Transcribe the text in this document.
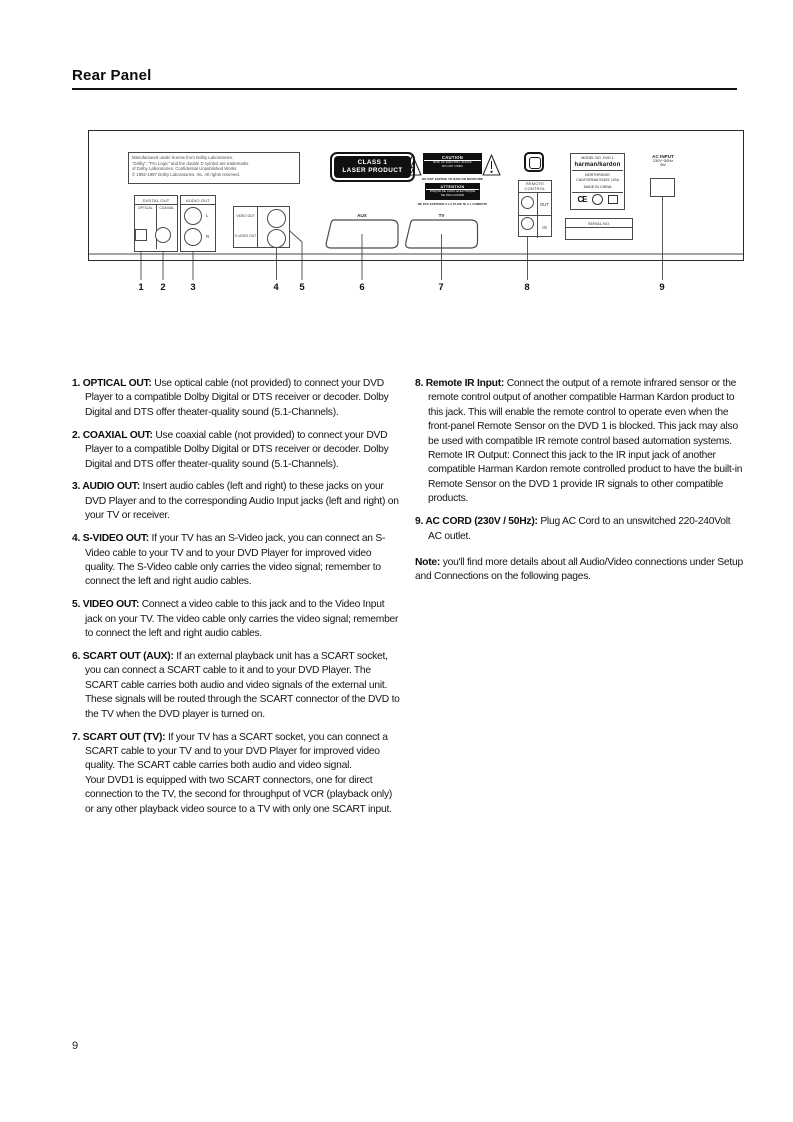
Rear Panel
Manufactured under license from Dolby Laboratories.
"Dolby", "Pro Logic" and the double D symbol are trademarks
of Dolby Laboratories. Confidential Unpublished Works.
© 1992-1997 Dolby Laboratories, Inc. All rights reserved.
DIGITAL OUT
OPTICAL	COAXIAL
AUDIO OUT
L
R
VIDEO OUT
S-VIDEO OUT
CLASS 1
LASER PRODUCT
CAUTION
RISK OF ELECTRIC SHOCK
DO NOT OPEN
DO NOT EXPOSE TO RAIN OR MOISTURE
ATTENTION
RISQUE DE CHOC ELECTRIQUE
NE PAS OUVRIR
NE PAS EXPOSER A LA PLUIE NI A L'HUMIDITE
AUX	TV
REMOTE
CONTROL
OUT
IN
MODEL NO. DVD 1
harman/kardon
NORTHRIDGE
CALIFORNIA 91329, USA
MADE IN CHINA
CE
SERIAL NO.
AC INPUT
230V~50Hz
9W
1 2	3	4 5	6	7	8	9
1. OPTICAL OUT: Use optical cable (not provided) to connect your DVD Player to a compatible Dolby Digital or DTS receiver or decoder. Dolby Digital and DTS offer theater-quality sound (5.1-Channels).
2. COAXIAL OUT: Use coaxial cable (not provided) to connect your DVD Player to a compatible Dolby Digital or DTS receiver or decoder. Dolby Digital and DTS offer theater-quality sound (5.1-Channels).
3. AUDIO OUT: Insert audio cables (left and right) to these jacks on your DVD Player and to the corresponding Audio Input jacks (left and right) on your TV or receiver.
4. S-VIDEO OUT: If your TV has an S-Video jack, you can connect an S-Video cable to your TV and to your DVD Player for improved video quality. The S-Video cable only carries the video signal; remember to connect the left and right audio cables.
5. VIDEO OUT: Connect a video cable to this jack and to the Video Input jack on your TV. The video cable only carries the video signal; remember to connect the left and right audio cables.
6. SCART OUT (AUX): If an external playback unit has a SCART socket, you can connect a SCART cable to it and to your DVD Player. The SCART cable carries both audio and video signals of the external unit. These signals will be routed through the SCART connector of the DVD to the TV when the DVD player is turned on.
7. SCART OUT (TV): If your TV has a SCART socket, you can connect a SCART cable to your TV and to your DVD Player for improved video quality. The SCART cable carries both audio and video signal.
Your DVD1 is equipped with two SCART connectors, one for direct connection to the TV, the second for throughput of VCR (playback only) or any other playback video source to a TV with only one SCART input.
8. Remote IR Input: Connect the output of a remote infrared sensor or the remote control output of another compatible Harman Kardon product to this jack. This will enable the remote control to operate even when the front-panel Remote Sensor on the DVD 1 is blocked. This jack may also be used with compatible IR remote control based automation systems. Remote IR Output: Connect this jack to the IR input jack of another compatible Harman Kardon remote controlled product to have the built-in Remote Sensor on the DVD 1 provide IR signals to other compatible products.
9. AC CORD (230V / 50Hz): Plug AC Cord to an unswitched 220-240Volt AC outlet.
Note: you'll find more details about all Audio/Video connections under Setup and Connections on the following pages.
9
